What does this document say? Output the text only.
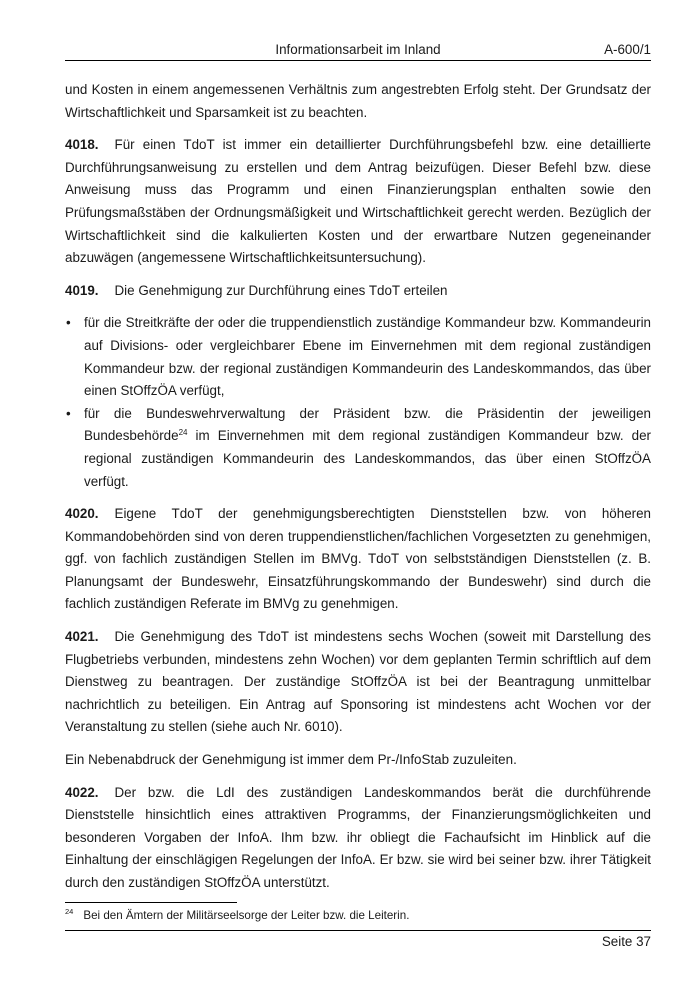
Informationsarbeit im Inland	A-600/1

und Kosten in einem angemessenen Verhältnis zum angestrebten Erfolg steht. Der Grundsatz der Wirtschaftlichkeit und Sparsamkeit ist zu beachten.

4018. Für einen TdoT ist immer ein detaillierter Durchführungsbefehl bzw. eine detaillierte Durchführungsanweisung zu erstellen und dem Antrag beizufügen. Dieser Befehl bzw. diese Anweisung muss das Programm und einen Finanzierungsplan enthalten sowie den Prüfungsmaßstäben der Ordnungsmäßigkeit und Wirtschaftlichkeit gerecht werden. Bezüglich der Wirtschaftlichkeit sind die kalkulierten Kosten und der erwartbare Nutzen gegeneinander abzuwägen (angemessene Wirtschaftlichkeitsuntersuchung).

4019. Die Genehmigung zur Durchführung eines TdoT erteilen

• für die Streitkräfte der oder die truppendienstlich zuständige Kommandeur bzw. Kommandeurin auf Divisions- oder vergleichbarer Ebene im Einvernehmen mit dem regional zuständigen Kommandeur bzw. der regional zuständigen Kommandeurin des Landeskommandos, das über einen StOffzÖA verfügt,
• für die Bundeswehrverwaltung der Präsident bzw. die Präsidentin der jeweiligen Bundesbehörde$^{24}$ im Einvernehmen mit dem regional zuständigen Kommandeur bzw. der regional zuständigen Kommandeurin des Landeskommandos, das über einen StOffzÖA verfügt.

4020. Eigene TdoT der genehmigungsberechtigten Dienststellen bzw. von höheren Kommandobehörden sind von deren truppendienstlichen/fachlichen Vorgesetzten zu genehmigen, ggf. von fachlich zuständigen Stellen im BMVg. TdoT von selbstständigen Dienststellen (z. B. Planungsamt der Bundeswehr, Einsatzführungskommando der Bundeswehr) sind durch die fachlich zuständigen Referate im BMVg zu genehmigen.

4021. Die Genehmigung des TdoT ist mindestens sechs Wochen (soweit mit Darstellung des Flugbetriebs verbunden, mindestens zehn Wochen) vor dem geplanten Termin schriftlich auf dem Dienstweg zu beantragen. Der zuständige StOffzÖA ist bei der Beantragung unmittelbar nachrichtlich zu beteiligen. Ein Antrag auf Sponsoring ist mindestens acht Wochen vor der Veranstaltung zu stellen (siehe auch Nr. 6010).

Ein Nebenabdruck der Genehmigung ist immer dem Pr-/InfoStab zuzuleiten.

4022. Der bzw. die LdI des zuständigen Landeskommandos berät die durchführende Dienststelle hinsichtlich eines attraktiven Programms, der Finanzierungsmöglichkeiten und besonderen Vorgaben der InfoA. Ihm bzw. ihr obliegt die Fachaufsicht im Hinblick auf die Einhaltung der einschlägigen Regelungen der InfoA. Er bzw. sie wird bei seiner bzw. ihrer Tätigkeit durch den zuständigen StOffzÖA unterstützt.

$^{24}$ Bei den Ämtern der Militärseelsorge der Leiter bzw. die Leiterin.
Seite 37
